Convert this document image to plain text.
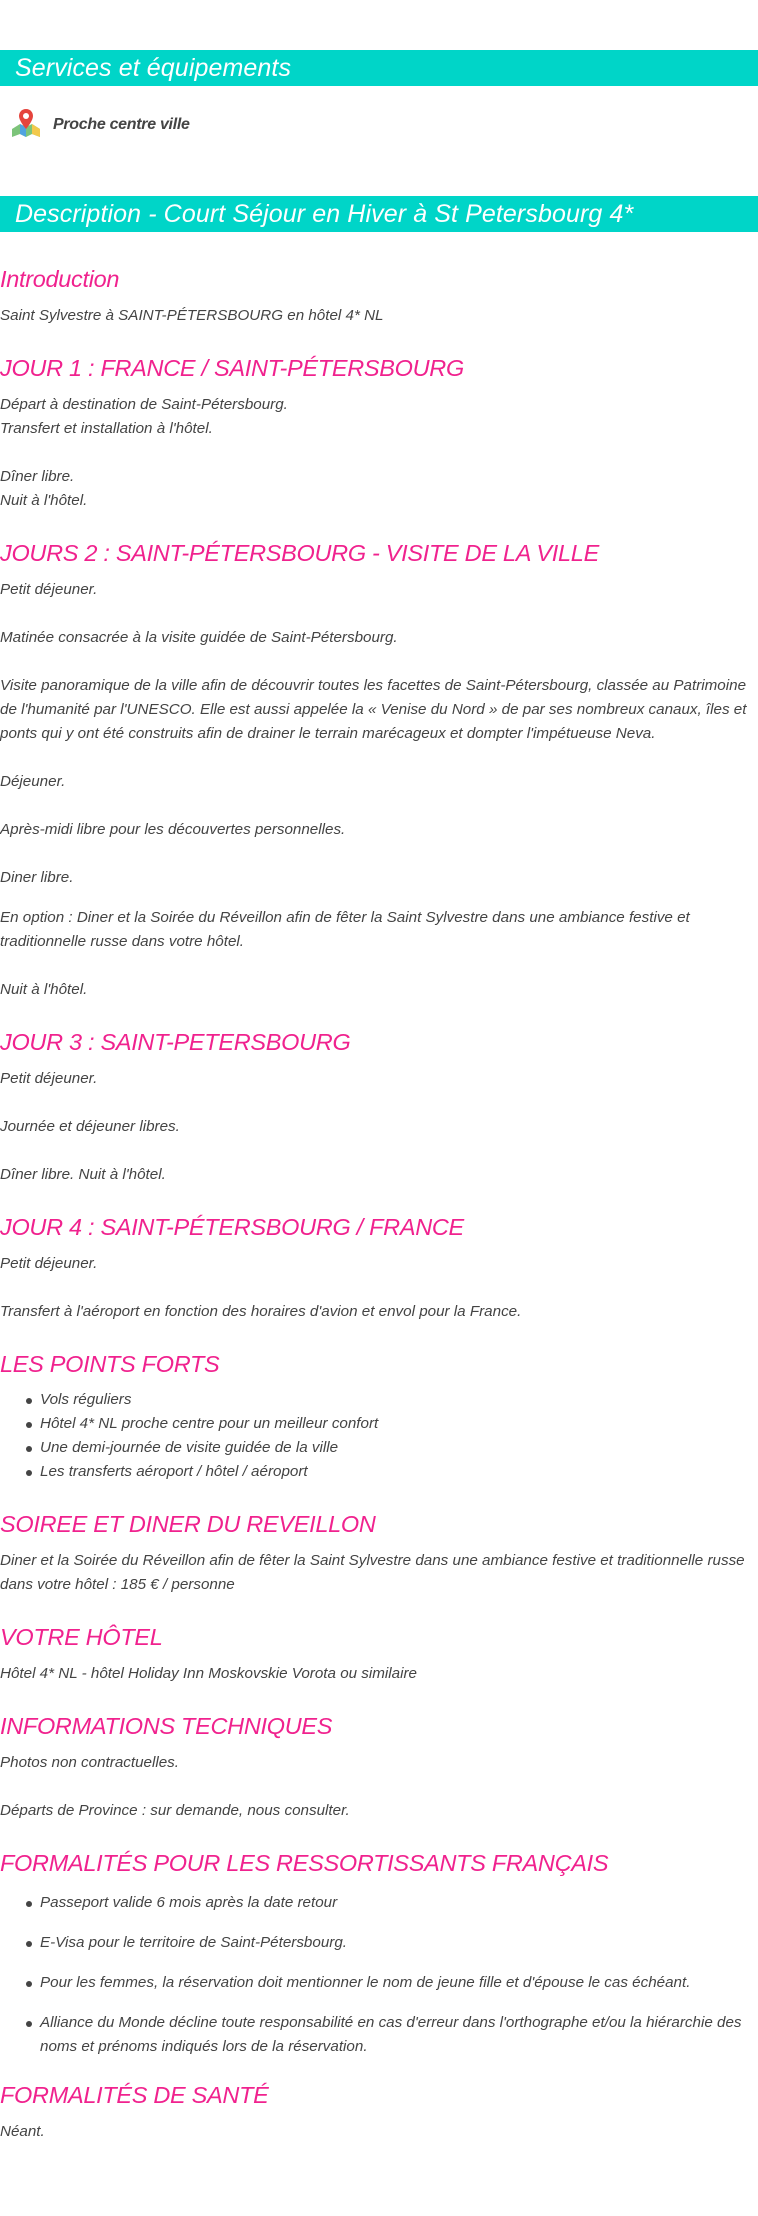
Services et équipements
Proche centre ville
Description - Court Séjour en Hiver à St Petersbourg 4*
Introduction
Saint Sylvestre à SAINT-PÉTERSBOURG en hôtel 4* NL
JOUR 1 : FRANCE / SAINT-PÉTERSBOURG
Départ à destination de Saint-Pétersbourg.
Transfert et installation à l'hôtel.
Dîner libre.
Nuit à l'hôtel.
JOURS 2 : SAINT-PÉTERSBOURG - VISITE DE LA VILLE
Petit déjeuner.
Matinée consacrée à la visite guidée de Saint-Pétersbourg.
Visite panoramique de la ville afin de découvrir toutes les facettes de Saint-Pétersbourg, classée au Patrimoine de l'humanité par l'UNESCO. Elle est aussi appelée la « Venise du Nord » de par ses nombreux canaux, îles et ponts qui y ont été construits afin de drainer le terrain marécageux et dompter l'impétueuse Neva.
Déjeuner.
Après-midi libre pour les découvertes personnelles.
Diner libre.
En option : Diner et la Soirée du Réveillon afin de fêter la Saint Sylvestre dans une ambiance festive et traditionnelle russe dans votre hôtel.
Nuit à l'hôtel.
JOUR 3 : SAINT-PETERSBOURG
Petit déjeuner.
Journée et déjeuner libres.
Dîner libre. Nuit à l'hôtel.
JOUR 4 : SAINT-PÉTERSBOURG / FRANCE
Petit déjeuner.
Transfert à l'aéroport en fonction des horaires d'avion et envol pour la France.
LES POINTS FORTS
Vols réguliers
Hôtel 4* NL proche centre pour un meilleur confort
Une demi-journée de visite guidée de la ville
Les transferts aéroport / hôtel / aéroport
SOIREE ET DINER DU REVEILLON
Diner et la Soirée du Réveillon afin de fêter la Saint Sylvestre dans une ambiance festive et traditionnelle russe dans votre hôtel : 185 € / personne
VOTRE HÔTEL
Hôtel 4* NL - hôtel Holiday Inn Moskovskie Vorota ou similaire
INFORMATIONS TECHNIQUES
Photos non contractuelles.
Départs de Province : sur demande, nous consulter.
FORMALITÉS POUR LES RESSORTISSANTS FRANÇAIS
Passeport valide 6 mois après la date retour
E-Visa pour le territoire de Saint-Pétersbourg.
Pour les femmes, la réservation doit mentionner le nom de jeune fille et d'épouse le cas échéant.
Alliance du Monde décline toute responsabilité en cas d'erreur dans l'orthographe et/ou la hiérarchie des noms et prénoms indiqués lors de la réservation.
FORMALITÉS DE SANTÉ
Néant.
